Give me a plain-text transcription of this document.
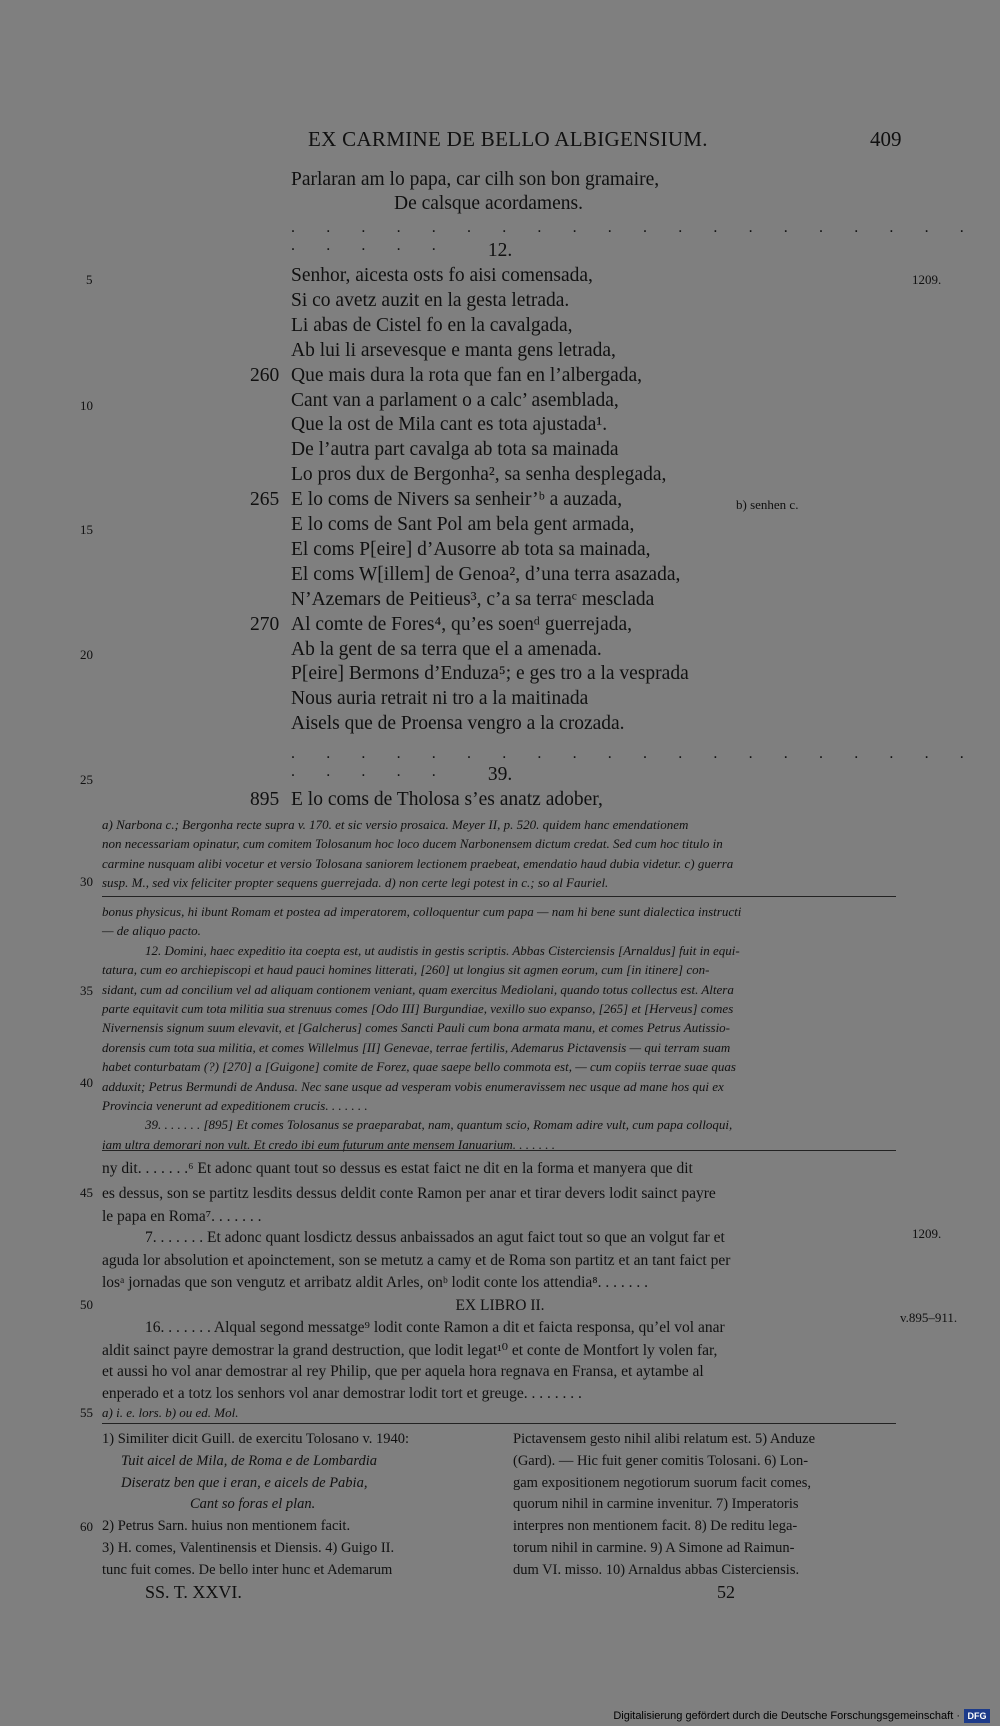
EX CARMINE DE BELLO ALBIGENSIUM.	409
Parlaran am lo papa, car cilh son bon gramaire,
De calsque acordamens.
. . . . . . . . . . . . . . . . . . . . . . . . .	12.
1209.
5
10
15
20
25
30
35
40
45
50
55
60
Senhor, aicesta osts fo aisi comensada,
Si co avetz auzit en la gesta letrada.
Li abas de Cistel fo en la cavalgada,
Ab lui li arsevesque e manta gens letrada,
Que mais dura la rota que fan en l’albergada,
260
Cant van a parlament o a calc’ asemblada,
Que la ost de Mila cant es tota ajustada¹.
De l’autra part cavalga ab tota sa mainada
Lo pros dux de Bergonha², sa senha desplegada,
E lo coms de Nivers sa senheir’ᵇ a auzada,
265
E lo coms de Sant Pol am bela gent armada,
El coms P[eire] d’Ausorre ab tota sa mainada,
El coms W[illem] de Genoa², d’una terra asazada,
N’Azemars de Peitieus³, c’a sa terraᶜ mesclada
Al comte de Fores⁴, qu’es soenᵈ guerrejada,
270
Ab la gent de sa terra que el a amenada.
P[eire] Bermons d’Enduza⁵; e ges tro a la vesprada
Nous auria retrait ni tro a la maitinada
Aisels que de Proensa vengro a la crozada.
b) senhen c.
. . . . . . . . . . . . . . . . . . . . . . . . .	39.
895 E lo coms de Tholosa s’es anatz adober,
a) Narbona c.; Bergonha recte supra v. 170. et sic versio prosaica. Meyer II, p. 520. quidem hanc emendationem
non necessariam opinatur, cum comitem Tolosanum hoc loco ducem Narbonensem dictum credat. Sed cum hoc titulo in
carmine nusquam alibi vocetur et versio Tolosana saniorem lectionem praebeat, emendatio haud dubia videtur. c) guerra
susp. M., sed vix feliciter propter sequens guerrejada. d) non certe legi potest in c.; so al Fauriel.
bonus physicus, hi ibunt Romam et postea ad imperatorem, colloquentur cum papa — nam hi bene sunt dialectica instructi
— de aliquo pacto.
12. Domini, haec expeditio ita coepta est, ut audistis in gestis scriptis. Abbas Cisterciensis [Arnaldus] fuit in equi-
tatura, cum eo archiepiscopi et haud pauci homines litterati, [260] ut longius sit agmen eorum, cum [in itinere] con-
sidant, cum ad concilium vel ad aliquam contionem veniant, quam exercitus Mediolani, quando totus collectus est. Altera
parte equitavit cum tota militia sua strenuus comes [Odo III] Burgundiae, vexillo suo expanso, [265] et [Herveus] comes
Nivernensis signum suum elevavit, et [Galcherus] comes Sancti Pauli cum bona armata manu, et comes Petrus Autissio-
dorensis cum tota sua militia, et comes Willelmus [II] Genevae, terrae fertilis, Ademarus Pictavensis — qui terram suam
habet conturbatam (?) [270] a [Guigone] comite de Forez, quae saepe bello commota est, — cum copiis terrae suae quas
adduxit; Petrus Bermundi de Andusa. Nec sane usque ad vesperam vobis enumeravissem nec usque ad mane hos qui ex
Provincia venerunt ad expeditionem crucis. . . . . . .
39. . . . . . . [895] Et comes Tolosanus se praeparabat, nam, quantum scio, Romam adire vult, cum papa colloqui,
iam ultra demorari non vult. Et credo ibi eum futurum ante mensem Ianuarium. . . . . . .
ny dit. . . . . . .⁶ Et adonc quant tout so dessus es estat faict ne dit en la forma et manyera que dit
es dessus, son se partitz lesdits dessus deldit conte Ramon per anar et tirar devers lodit sainct payre
le papa en Roma⁷. . . . . . .
7. . . . . . . Et adonc quant losdictz dessus anbaissados an agut faict tout so que an volgut far et
aguda lor absolution et apoinctement, son se metutz a camy et de Roma son partitz et an tant faict per
losᵃ jornadas que son vengutz et arribatz aldit Arles, onᵇ lodit conte los attendia⁸. . . . . . .
EX LIBRO II.
16. . . . . . . Alqual segond messatge⁹ lodit conte Ramon a dit et faicta responsa, qu’el vol anar
aldit sainct payre demostrar la grand destruction, que lodit legat¹⁰ et conte de Montfort ly volen far,
et aussi ho vol anar demostrar al rey Philip, que per aquela hora regnava en Fransa, et aytambe al
enperado et a totz los senhors vol anar demostrar lodit tort et greuge. . . . . . . .
1209.
v.895–911.
a) i. e. lors. b) ou ed. Mol.
1) Similiter dicit Guill. de exercitu Tolosano v. 1940:
Tuit aicel de Mila, de Roma e de Lombardia
Diseratz ben que i eran, e aicels de Pabia,
Cant so foras el plan.
2) Petrus Sarn. huius non mentionem facit.
3) H. comes, Valentinensis et Diensis. 4) Guigo II.
tunc fuit comes. De bello inter hunc et Ademarum
Pictavensem gesto nihil alibi relatum est. 5) Anduze
(Gard). — Hic fuit gener comitis Tolosani. 6) Lon-
gam expositionem negotiorum suorum facit comes,
quorum nihil in carmine invenitur. 7) Imperatoris
interpres non mentionem facit. 8) De reditu lega-
torum nihil in carmine. 9) A Simone ad Raimun-
dum VI. misso. 10) Arnaldus abbas Cisterciensis.
SS. T. XXVI.	52
Digitalisierung gefördert durch die Deutsche Forschungsgemeinschaft · DFG
